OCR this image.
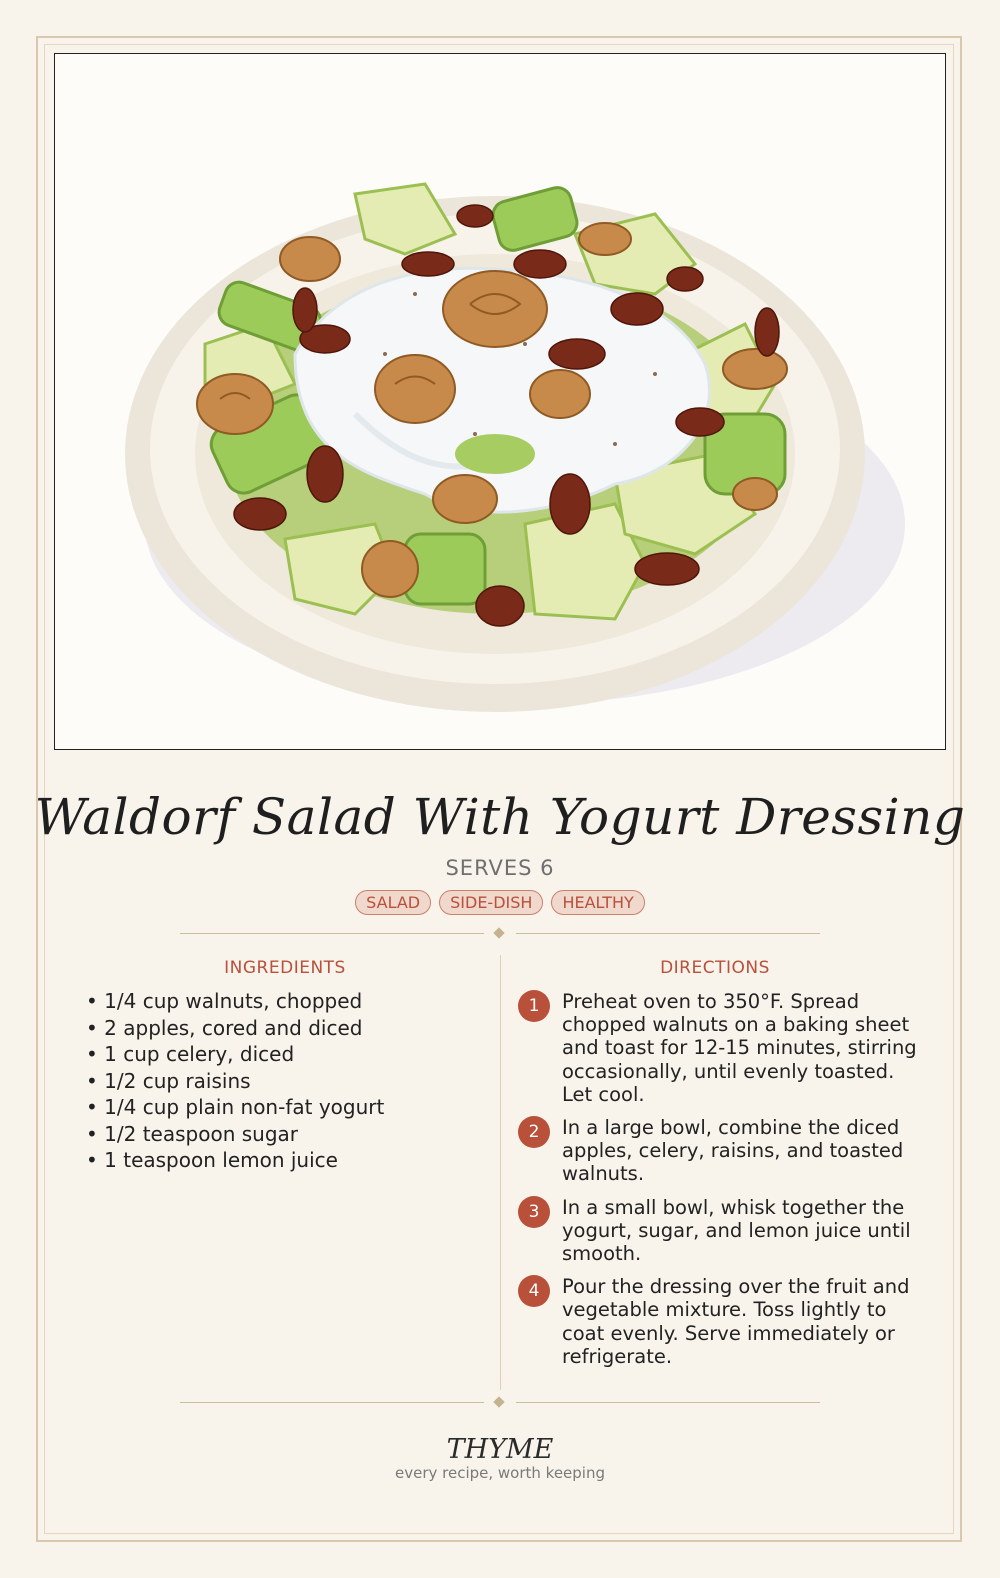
Waldorf Salad With Yogurt Dressing
SERVES 6
SALAD	SIDE-DISH	HEALTHY
INGREDIENTS
• 1/4 cup walnuts, chopped
• 2 apples, cored and diced
• 1 cup celery, diced
• 1/2 cup raisins
• 1/4 cup plain non-fat yogurt
• 1/2 teaspoon sugar
• 1 teaspoon lemon juice
DIRECTIONS
1	Preheat oven to 350°F. Spread chopped walnuts on a baking sheet and toast for 12-15 minutes, stirring occasionally, until evenly toasted. Let cool.
2	In a large bowl, combine the diced apples, celery, raisins, and toasted walnuts.
3	In a small bowl, whisk together the yogurt, sugar, and lemon juice until smooth.
4	Pour the dressing over the fruit and vegetable mixture. Toss lightly to coat evenly. Serve immediately or refrigerate.
THYME
every recipe, worth keeping
